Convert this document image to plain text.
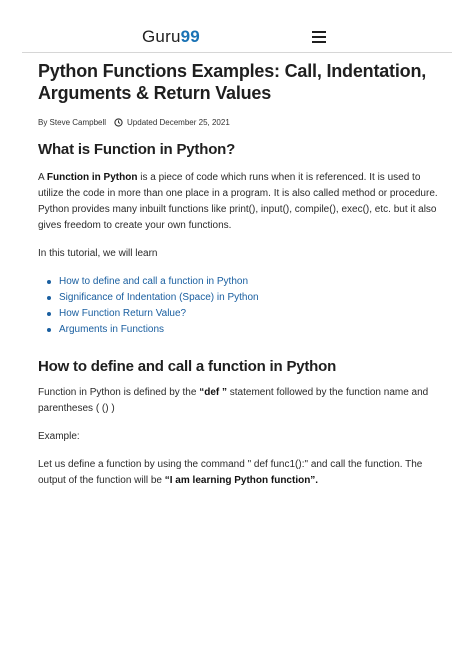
Guru99
Python Functions Examples: Call, Indentation, Arguments & Return Values
By Steve Campbell	Updated December 25, 2021
What is Function in Python?

A Function in Python is a piece of code which runs when it is referenced. It is used to utilize the code in more than one place in a program. It is also called method or procedure. Python provides many inbuilt functions like print(), input(), compile(), exec(), etc. but it also gives freedom to create your own functions.

In this tutorial, we will learn

How to define and call a function in Python
Significance of Indentation (Space) in Python
How Function Return Value?
Arguments in Functions
How to define and call a function in Python

Function in Python is defined by the “def ” statement followed by the function name and parentheses ( () )

Example:

Let us define a function by using the command " def func1():" and call the function. The output of the function will be “I am learning Python function”.
